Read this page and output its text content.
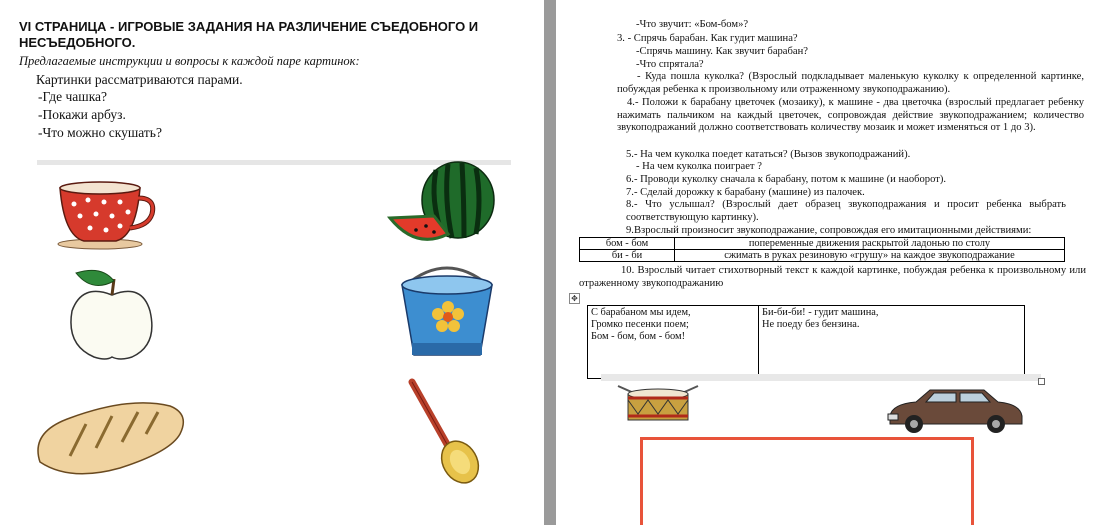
VI СТРАНИЦА - ИГРОВЫЕ ЗАДАНИЯ НА РАЗЛИЧЕНИЕ СЪЕДОБНОГО И НЕСЪЕДОБНОГО.
Предлагаемые инструкции и вопросы к каждой паре картинок:
Картинки рассматриваются парами.
-Где чашка?
-Покажи арбуз.
-Что можно скушать?
-Что звучит: «Бом-бом»?
3. - Спрячь барабан. Как гудит машина?
-Спрячь машину. Как звучит барабан?
-Что спрятала?
- Куда пошла куколка? (Взрослый подкладывает маленькую куколку к определенной картинке, побуждая ребенка к произвольному или отраженному звукоподражанию).
4.- Положи к барабану цветочек (мозаику), к машине - два цветочка (взрослый предлагает ребенку нажимать пальчиком на каждый цветочек, сопровождая действие звукоподражанием; количество звукоподражаний должно соответствовать количеству мозаик и может изменяться от 1 до 3).
5.- На чем куколка поедет кататься? (Вызов звукоподражаний).
- На чем куколка поиграет ?
6.- Проводи куколку сначала к барабану, потом к машине (и наоборот).
7.- Сделай дорожку к барабану (машине) из палочек.
8.- Что услышал? (Взрослый дает образец звукоподражания и просит ребенка выбрать соответствующую картинку).
9.Взрослый произносит звукоподражание, сопровождая его имитационными действиями:
бом - бом	попеременные движения раскрытой ладонью по столу
би - би	сжимать в руках резиновую «грушу» на каждое звукоподражание
10. Взрослый читает стихотворный текст к каждой картинке, побуждая ребенка к произвольному или отраженному звукоподражанию
✥
С барабаном мы идем,
Громко песенки поем;
Бом - бом, бом - бом!

Би-би-би! - гудит машина,
Не поеду без бензина.
